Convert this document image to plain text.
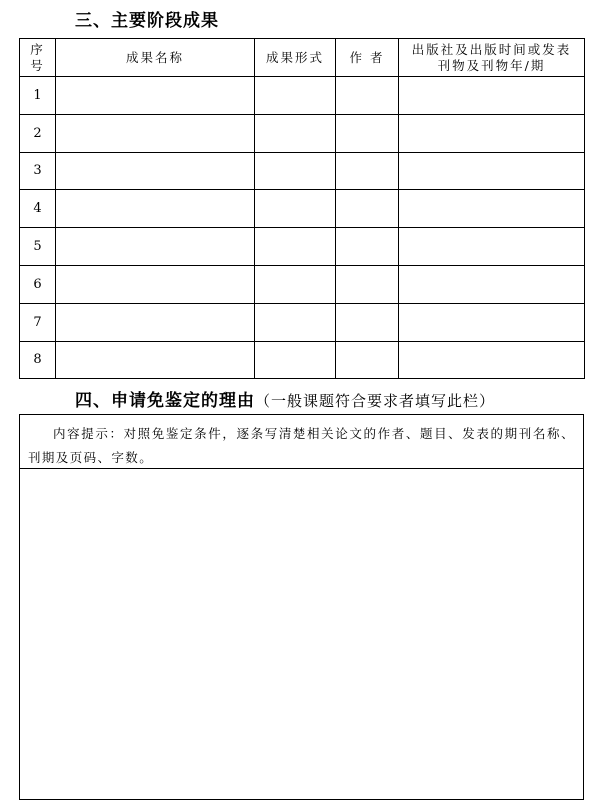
三、主要阶段成果
序
号	成果名称	成果形式	作 者	出版社及出版时间或发表
刊物及刊物年/期
1				
2				
3				
4				
5				
6				
7				
8				
四、申请免鉴定的理由（一般课题符合要求者填写此栏）
内容提示：对照免鉴定条件，逐条写清楚相关论文的作者、题目、发表的期刊名称、刊期及页码、字数。
